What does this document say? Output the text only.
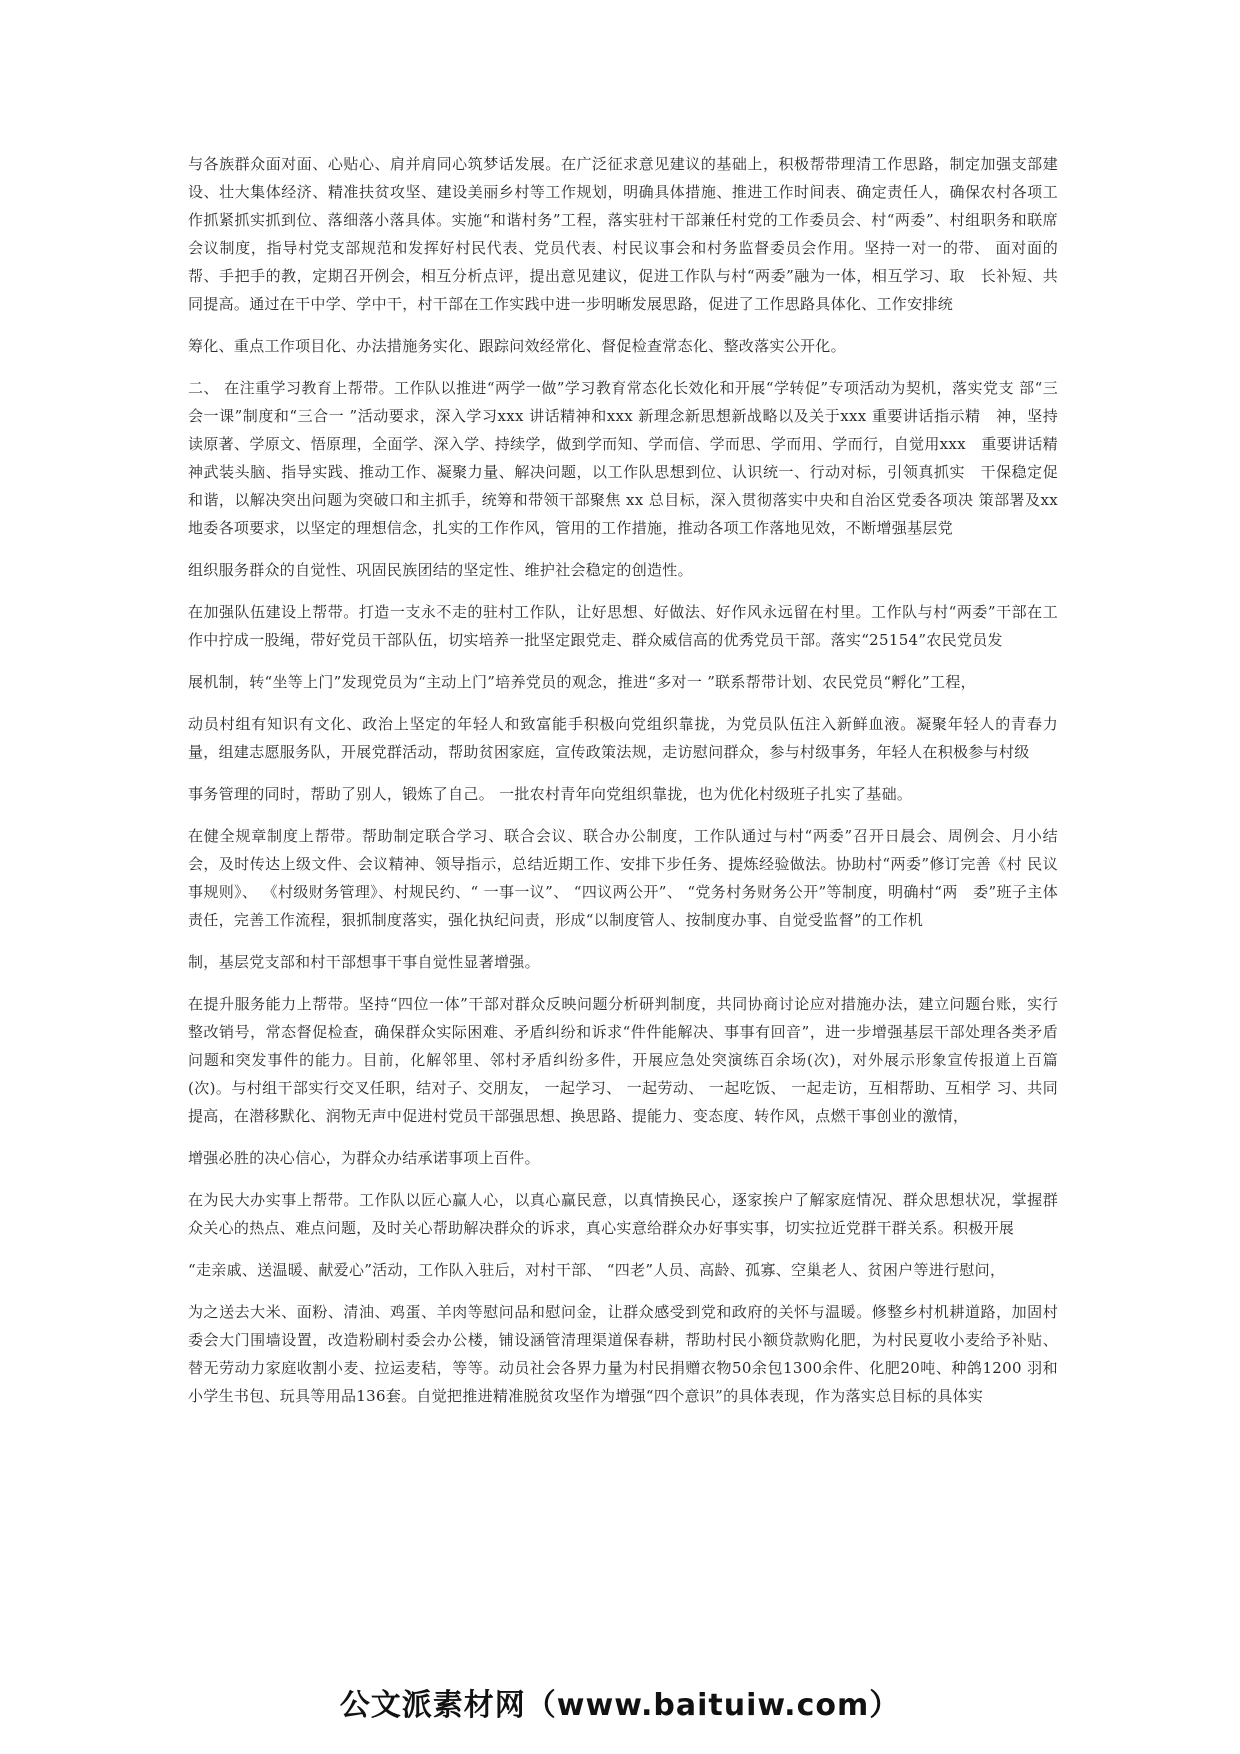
与各族群众面对面、心贴心、肩并肩同心筑梦话发展。在广泛征求意见建议的基础上，积极帮带理清工作思路，制定加强支部建设、壮大集体经济、精准扶贫攻坚、建设美丽乡村等工作规划，明确具体措施、推进工作时间表、确定责任人，确保农村各项工作抓紧抓实抓到位、落细落小落具体。实施“和谐村务”工程，落实驻村干部兼任村党的工作委员会、村“两委”、村组职务和联席会议制度，指导村党支部规范和发挥好村民代表、党员代表、村民议事会和村务监督委员会作用。坚持一对一的带、 面对面的帮、手把手的教，定期召开例会，相互分析点评，提出意见建议，促进工作队与村“两委”融为一体，相互学习、取　长补短、共同提高。通过在干中学、学中干，村干部在工作实践中进一步明晰发展思路，促进了工作思路具体化、工作安排统

筹化、重点工作项目化、办法措施务实化、跟踪问效经常化、督促检查常态化、整改落实公开化。

二、 在注重学习教育上帮带。工作队以推进“两学一做”学习教育常态化长效化和开展“学转促”专项活动为契机，落实党支 部“三会一课”制度和“三合一 ”活动要求，深入学习xxx 讲话精神和xxx 新理念新思想新战略以及关于xxx 重要讲话指示精　神，坚持读原著、学原文、悟原理，全面学、深入学、持续学，做到学而知、学而信、学而思、学而用、学而行，自觉用xxx　重要讲话精神武装头脑、指导实践、推动工作、凝聚力量、解决问题，以工作队思想到位、认识统一、行动对标，引领真抓实　干保稳定促和谐，以解决突出问题为突破口和主抓手，统筹和带领干部聚焦 xx 总目标，深入贯彻落实中央和自治区党委各项决 策部署及xx 地委各项要求，以坚定的理想信念，扎实的工作作风，管用的工作措施，推动各项工作落地见效，不断增强基层党

组织服务群众的自觉性、巩固民族团结的坚定性、维护社会稳定的创造性。

在加强队伍建设上帮带。打造一支永不走的驻村工作队，让好思想、好做法、好作风永远留在村里。工作队与村“两委”干部在工作中拧成一股绳，带好党员干部队伍，切实培养一批坚定跟党走、群众威信高的优秀党员干部。落实“25154”农民党员发

展机制，转“坐等上门”发现党员为“主动上门”培养党员的观念，推进“多对一 ”联系帮带计划、农民党员“孵化”工程，

动员村组有知识有文化、政治上坚定的年轻人和致富能手积极向党组织靠拢，为党员队伍注入新鲜血液。凝聚年轻人的青春力 量，组建志愿服务队，开展党群活动，帮助贫困家庭，宣传政策法规，走访慰问群众，参与村级事务，年轻人在积极参与村级

事务管理的同时，帮助了别人，锻炼了自己。 一批农村青年向党组织靠拢，也为优化村级班子扎实了基础。

在健全规章制度上帮带。帮助制定联合学习、联合会议、联合办公制度，工作队通过与村“两委”召开日晨会、周例会、月小结会，及时传达上级文件、会议精神、领导指示，总结近期工作、安排下步任务、提炼经验做法。协助村“两委”修订完善《村 民议事规则》、 《村级财务管理》、村规民约、“ 一事一议”、 “四议两公开”、 “党务村务财务公开”等制度，明确村“两　委”班子主体责任，完善工作流程，狠抓制度落实，强化执纪问责，形成“以制度管人、按制度办事、自觉受监督”的工作机

制，基层党支部和村干部想事干事自觉性显著增强。

在提升服务能力上帮带。坚持“四位一体”干部对群众反映问题分析研判制度，共同协商讨论应对措施办法，建立问题台账，实行整改销号，常态督促检查，确保群众实际困难、矛盾纠纷和诉求“件件能解决、事事有回音”，进一步增强基层干部处理各类矛盾问题和突发事件的能力。目前，化解邻里、邻村矛盾纠纷多件，开展应急处突演练百余场(次)，对外展示形象宣传报道上百篇(次)。与村组干部实行交叉任职，结对子、交朋友， 一起学习、 一起劳动、 一起吃饭、 一起走访，互相帮助、互相学 习、共同提高，在潜移默化、润物无声中促进村党员干部强思想、换思路、提能力、变态度、转作风，点燃干事创业的激情，

增强必胜的决心信心，为群众办结承诺事项上百件。

在为民大办实事上帮带。工作队以匠心赢人心，以真心赢民意，以真情换民心，逐家挨户了解家庭情况、群众思想状况，掌握群众关心的热点、难点问题，及时关心帮助解决群众的诉求，真心实意给群众办好事实事，切实拉近党群干群关系。积极开展

“走亲戚、送温暖、献爱心”活动，工作队入驻后，对村干部、 “四老”人员、高龄、孤寡、空巢老人、贫困户等进行慰问，

为之送去大米、面粉、清油、鸡蛋、羊肉等慰问品和慰问金，让群众感受到党和政府的关怀与温暖。修整乡村机耕道路，加固村委会大门围墙设置，改造粉刷村委会办公楼，铺设涵管清理渠道保春耕，帮助村民小额贷款购化肥，为村民夏收小麦给予补贴、替无劳动力家庭收割小麦、拉运麦秸，等等。动员社会各界力量为村民捐赠衣物50余包1300余件、化肥20吨、种鸽1200 羽和小学生书包、玩具等用品136套。自觉把推进精准脱贫攻坚作为增强“四个意识”的具体表现，作为落实总目标的具体实

公文派素材网（www.baituiw.com）
